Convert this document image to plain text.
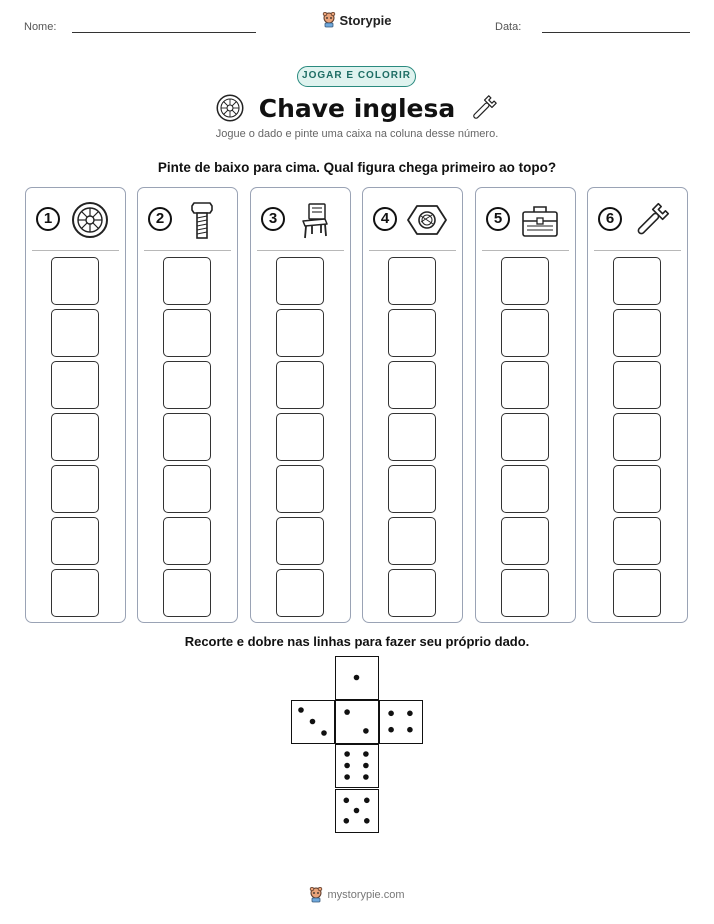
Nome:	Storypie	Data:
JOGAR E COLORIR
Chave inglesa
Jogue o dado e pinte uma caixa na coluna desse número.
Pinte de baixo para cima. Qual figura chega primeiro ao topo?
1	2	3	4	5	6
Recorte e dobre nas linhas para fazer seu próprio dado.
mystorypie.com
